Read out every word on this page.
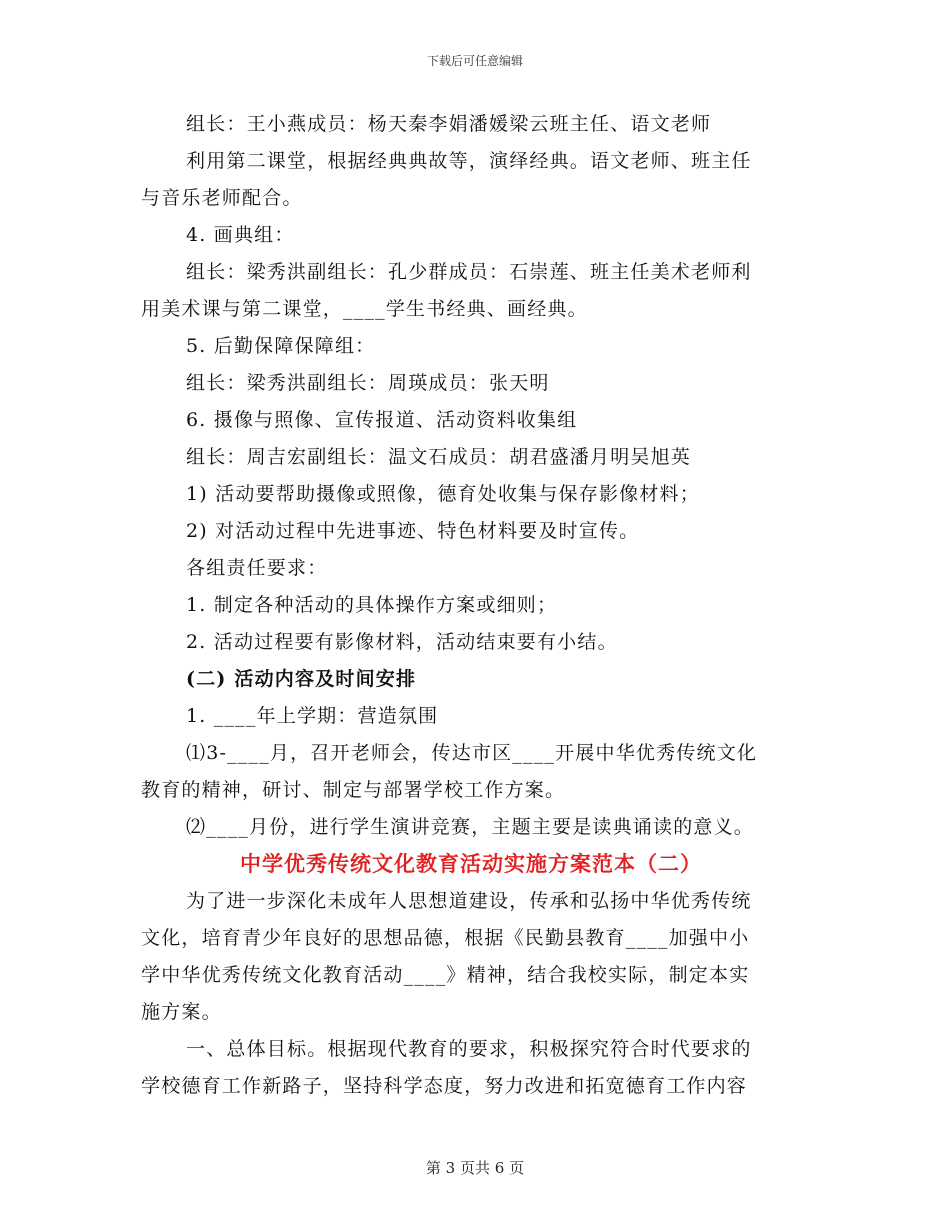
下载后可任意编辑
组长：王小燕成员：杨天秦李娟潘媛梁云班主任、语文老师
利用第二课堂，根据经典典故等，演绎经典。语文老师、班主任
与音乐老师配合。
4. 画典组：
组长：梁秀洪副组长：孔少群成员：石崇莲、班主任美术老师利
用美术课与第二课堂，____学生书经典、画经典。
5. 后勤保障保障组：
组长：梁秀洪副组长：周瑛成员：张天明
6. 摄像与照像、宣传报道、活动资料收集组
组长：周吉宏副组长：温文石成员：胡君盛潘月明吴旭英
1) 活动要帮助摄像或照像，德育处收集与保存影像材料；
2) 对活动过程中先进事迹、特色材料要及时宣传。
各组责任要求：
1. 制定各种活动的具体操作方案或细则；
2. 活动过程要有影像材料，活动结束要有小结。
(二) 活动内容及时间安排
1. ____年上学期：营造氛围
⑴3-____月，召开老师会，传达市区____开展中华优秀传统文化
教育的精神，研讨、制定与部署学校工作方案。
⑵____月份，进行学生演讲竞赛，主题主要是读典诵读的意义。
中学优秀传统文化教育活动实施方案范本（二）
为了进一步深化未成年人思想道建设，传承和弘扬中华优秀传统
文化，培育青少年良好的思想品德，根据《民勤县教育____加强中小
学中华优秀传统文化教育活动____》精神，结合我校实际，制定本实
施方案。
一、总体目标。根据现代教育的要求，积极探究符合时代要求的
学校德育工作新路子，坚持科学态度，努力改进和拓宽德育工作内容
第 3 页共 6 页
